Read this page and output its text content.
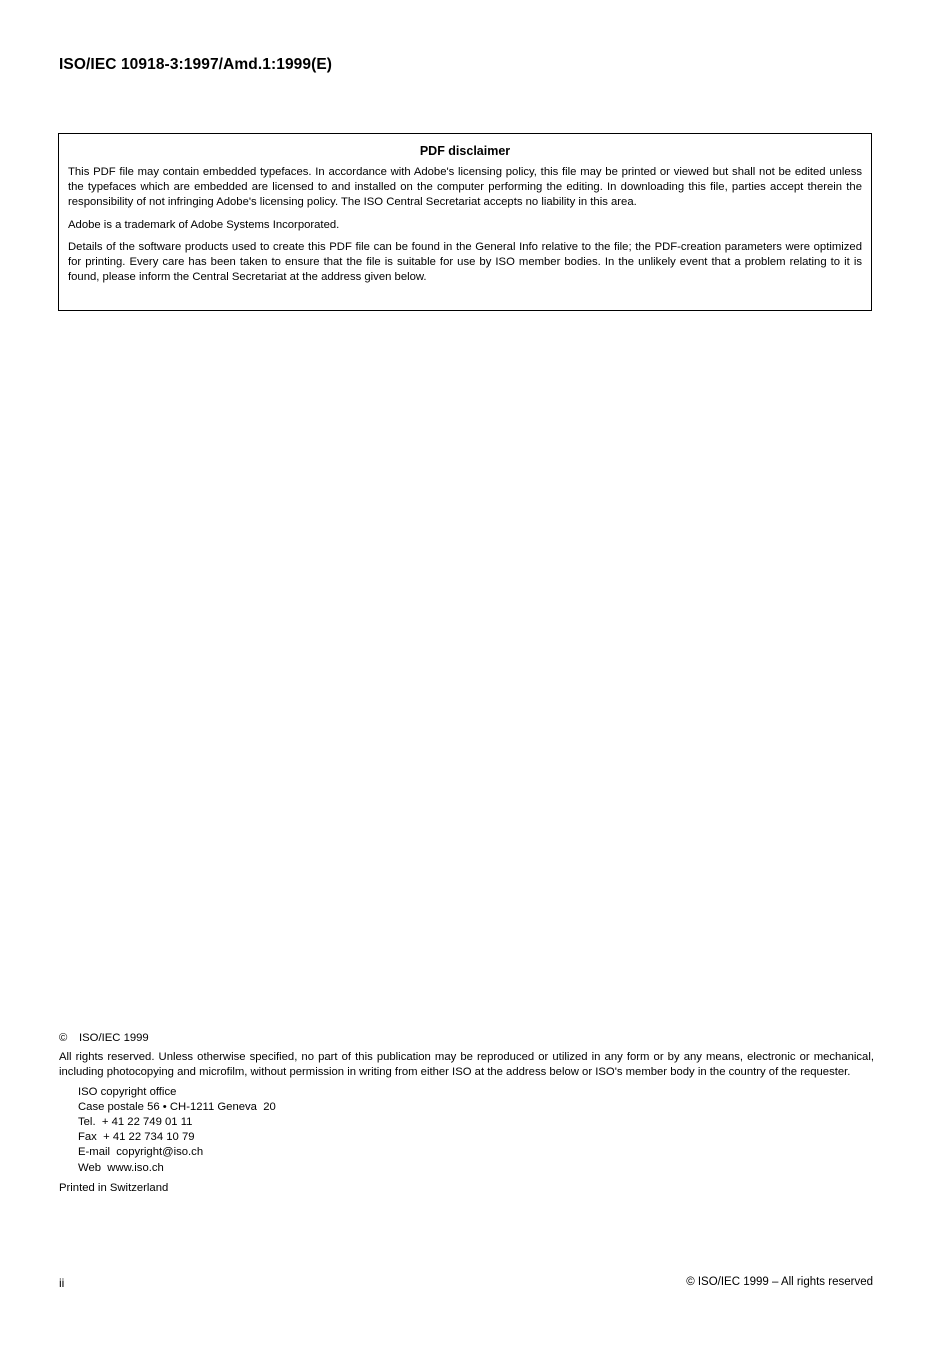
ISO/IEC 10918-3:1997/Amd.1:1999(E)
PDF disclaimer

This PDF file may contain embedded typefaces. In accordance with Adobe's licensing policy, this file may be printed or viewed but shall not be edited unless the typefaces which are embedded are licensed to and installed on the computer performing the editing. In downloading this file, parties accept therein the responsibility of not infringing Adobe's licensing policy. The ISO Central Secretariat accepts no liability in this area.

Adobe is a trademark of Adobe Systems Incorporated.

Details of the software products used to create this PDF file can be found in the General Info relative to the file; the PDF-creation parameters were optimized for printing. Every care has been taken to ensure that the file is suitable for use by ISO member bodies. In the unlikely event that a problem relating to it is found, please inform the Central Secretariat at the address given below.

© ISO/IEC 1999

All rights reserved. Unless otherwise specified, no part of this publication may be reproduced or utilized in any form or by any means, electronic or mechanical, including photocopying and microfilm, without permission in writing from either ISO at the address below or ISO's member body in the country of the requester.

ISO copyright office
Case postale 56 • CH-1211 Geneva  20
Tel.  + 41 22 749 01 11
Fax  + 41 22 734 10 79
E-mail  copyright@iso.ch
Web  www.iso.ch

Printed in Switzerland

ii	© ISO/IEC 1999 – All rights reserved
